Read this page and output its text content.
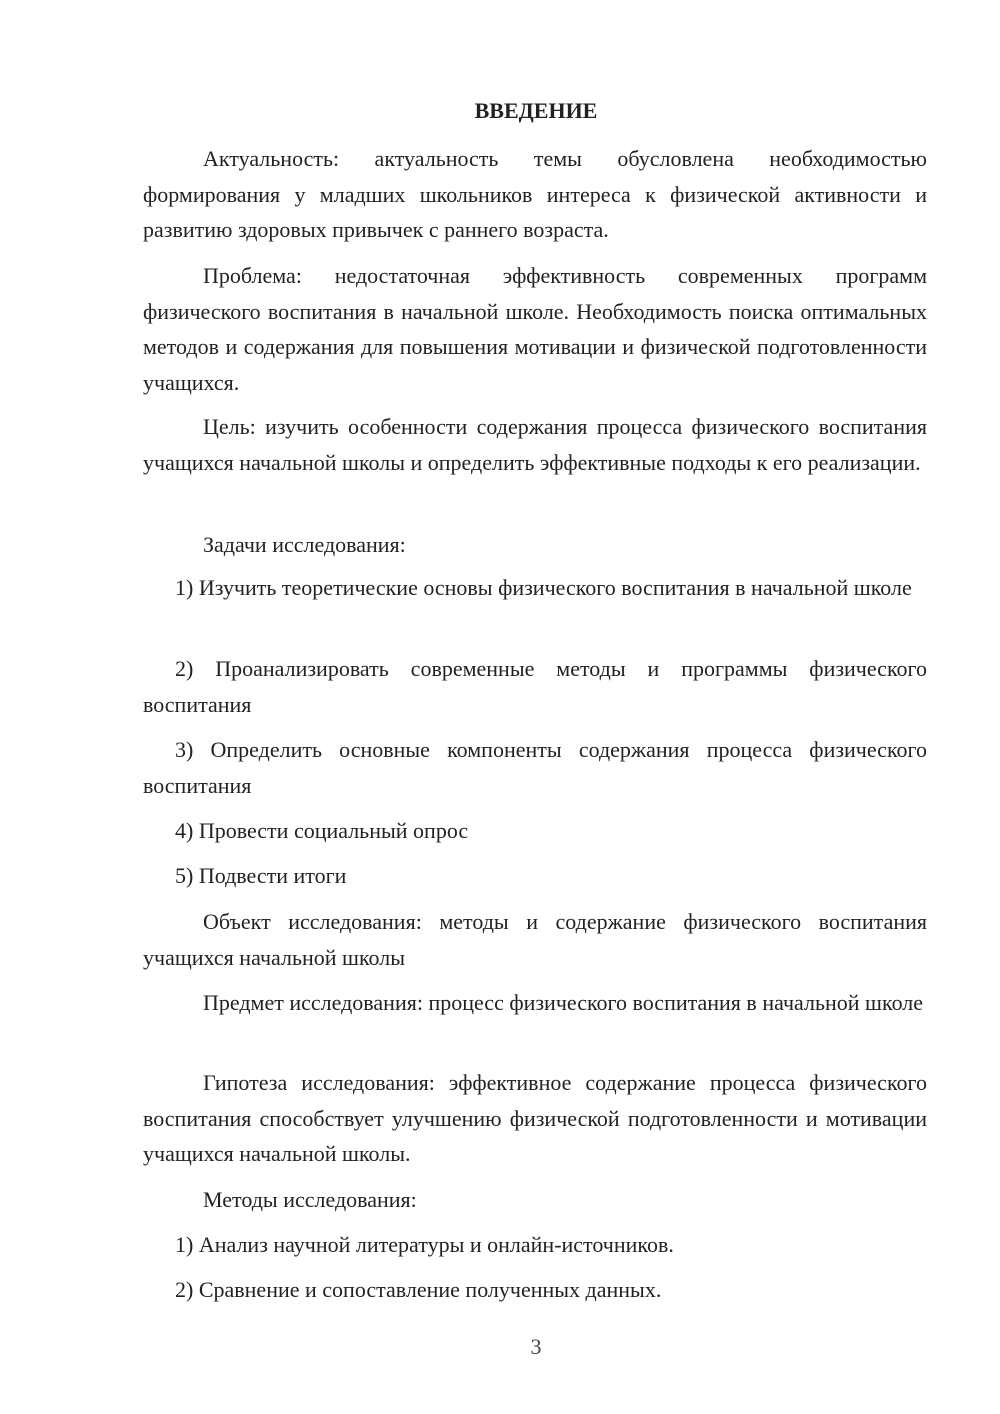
ВВЕДЕНИЕ

Актуальность: актуальность темы обусловлена необходимостью формирования у младших школьников интереса к физической активности и развитию здоровых привычек с раннего возраста.

Проблема: недостаточная эффективность современных программ физического воспитания в начальной школе. Необходимость поиска оптимальных методов и содержания для повышения мотивации и физической подготовленности учащихся.

Цель: изучить особенности содержания процесса физического воспитания учащихся начальной школы и определить эффективные подходы к его реализации.

Задачи исследования:

1) Изучить теоретические основы физического воспитания в начальной школе

2) Проанализировать современные методы и программы физического воспитания

3) Определить основные компоненты содержания процесса физического воспитания

4) Провести социальный опрос

5) Подвести итоги

Объект исследования: методы и содержание физического воспитания учащихся начальной школы

Предмет исследования: процесс физического воспитания в начальной школе

Гипотеза исследования: эффективное содержание процесса физического воспитания способствует улучшению физической подготовленности и мотивации учащихся начальной школы.

Методы исследования:

1) Анализ научной литературы и онлайн-источников.

2) Сравнение и сопоставление полученных данных.

3
